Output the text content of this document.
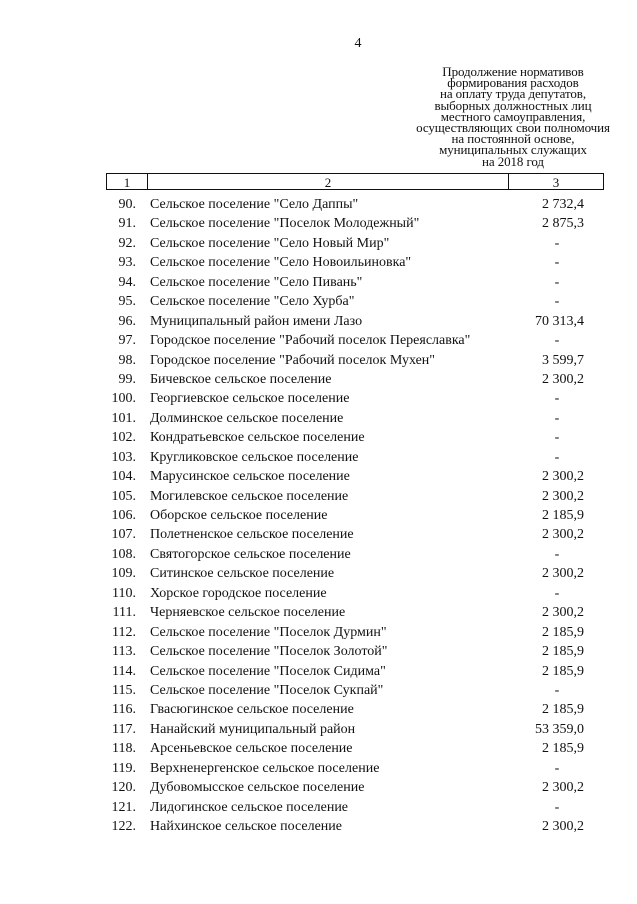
4
Продолжение нормативов
формирования расходов
на оплату труда депутатов,
выборных должностных лиц
местного самоуправления,
осуществляющих свои полномочия
на постоянной основе,
муниципальных служащих
на 2018 год
1	2	3
90. Сельское поселение "Село Даппы"	2 732,4
91. Сельское поселение "Поселок Молодежный"	2 875,3
92. Сельское поселение "Село Новый Мир"	-
93. Сельское поселение "Село Новоильиновка"	-
94. Сельское поселение "Село Пивань"	-
95. Сельское поселение "Село Хурба"	-
96. Муниципальный район имени Лазо	70 313,4
97. Городское поселение "Рабочий поселок Переяславка"	-
98. Городское поселение "Рабочий поселок Мухен"	3 599,7
99. Бичевское сельское поселение	2 300,2
100. Георгиевское сельское поселение	-
101. Долминское сельское поселение	-
102. Кондратьевское сельское поселение	-
103. Кругликовское сельское поселение	-
104. Марусинское сельское поселение	2 300,2
105. Могилевское сельское поселение	2 300,2
106. Оборское сельское поселение	2 185,9
107. Полетненское сельское поселение	2 300,2
108. Святогорское сельское поселение	-
109. Ситинское сельское поселение	2 300,2
110. Хорское городское поселение	-
111. Черняевское сельское поселение	2 300,2
112. Сельское поселение "Поселок Дурмин"	2 185,9
113. Сельское поселение "Поселок Золотой"	2 185,9
114. Сельское поселение "Поселок Сидима"	2 185,9
115. Сельское поселение "Поселок Сукпай"	-
116. Гвасюгинское сельское поселение	2 185,9
117. Нанайский муниципальный район	53 359,0
118. Арсеньевское сельское поселение	2 185,9
119. Верхненергенское сельское поселение	-
120. Дубовомысское сельское поселение	2 300,2
121. Лидогинское сельское поселение	-
122. Найхинское сельское поселение	2 300,2
